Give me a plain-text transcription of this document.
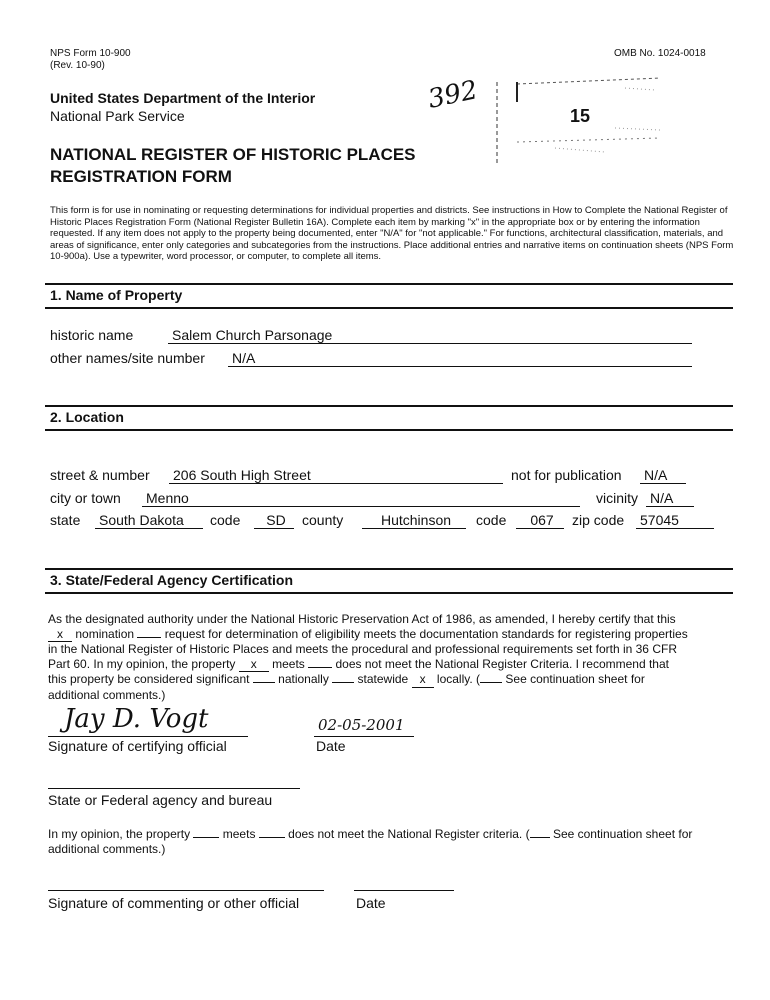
NPS Form 10-900
(Rev. 10-90)
OMB No. 1024-0018
United States Department of the Interior
National Park Service
392
15
NATIONAL REGISTER OF HISTORIC PLACES
REGISTRATION FORM
This form is for use in nominating or requesting determinations for individual properties and districts. See instructions in How to Complete the National Register of Historic Places Registration Form (National Register Bulletin 16A). Complete each item by marking "x" in the appropriate box or by entering the information requested. If any item does not apply to the property being documented, enter "N/A" for "not applicable." For functions, architectural classification, materials, and areas of significance, enter only categories and subcategories from the instructions. Place additional entries and narrative items on continuation sheets (NPS Form 10-900a). Use a typewriter, word processor, or computer, to complete all items.
1. Name of Property
historic name	Salem Church Parsonage
other names/site number N/A
2. Location
street & number 206 South High Street	not for publication N/A
city or town Menno	vicinity N/A
state South Dakota	code	SD	county	Hutchinson	code	067	zip code 57045
3. State/Federal Agency Certification
As the designated authority under the National Historic Preservation Act of 1986, as amended, I hereby certify that this
x nomination	request for determination of eligibility meets the documentation standards for registering properties
in the National Register of Historic Places and meets the procedural and professional requirements set forth in 36 CFR
Part 60. In my opinion, the property x meets	does not meet the National Register Criteria. I recommend that
this property be considered significant nationally statewide x locally. ( See continuation sheet for
additional comments.)
Jay D. Vogt
Signature of certifying official
02-05-2001
Date
State or Federal agency and bureau
In my opinion, the property	meets	does not meet the National Register criteria. ( See continuation sheet for
additional comments.)
Signature of commenting or other official	Date
